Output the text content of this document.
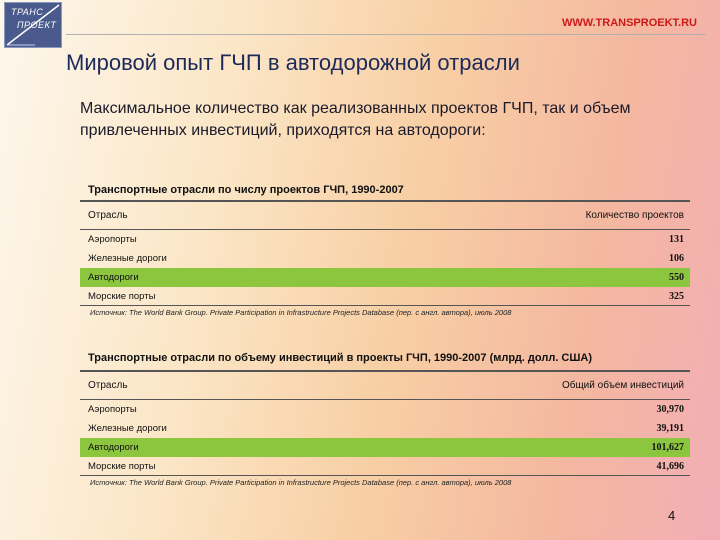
ТРАНС
ПРОЕКТ	WWW.TRANSPROEKT.RU
Мировой опыт ГЧП в автодорожной отрасли
Максимальное количество как реализованных проектов ГЧП, так и объем привлеченных инвестиций, приходятся на автодороги:
Транспортные отрасли по числу проектов ГЧП, 1990-2007
Отрасль	Количество проектов
Аэропорты	131
Железные дороги	106
Автодороги	550
Морские порты	325
Источник: The World Bank Group. Private Participation in Infrastructure Projects Database (пер. с англ. автора), июль 2008
Транспортные отрасли по объему инвестиций в проекты ГЧП, 1990-2007 (млрд. долл. США)
Отрасль	Общий объем инвестиций
Аэропорты	30,970
Железные дороги	39,191
Автодороги	101,627
Морские порты	41,696
Источник: The World Bank Group. Private Participation in Infrastructure Projects Database (пер. с англ. автора), июль 2008
4
